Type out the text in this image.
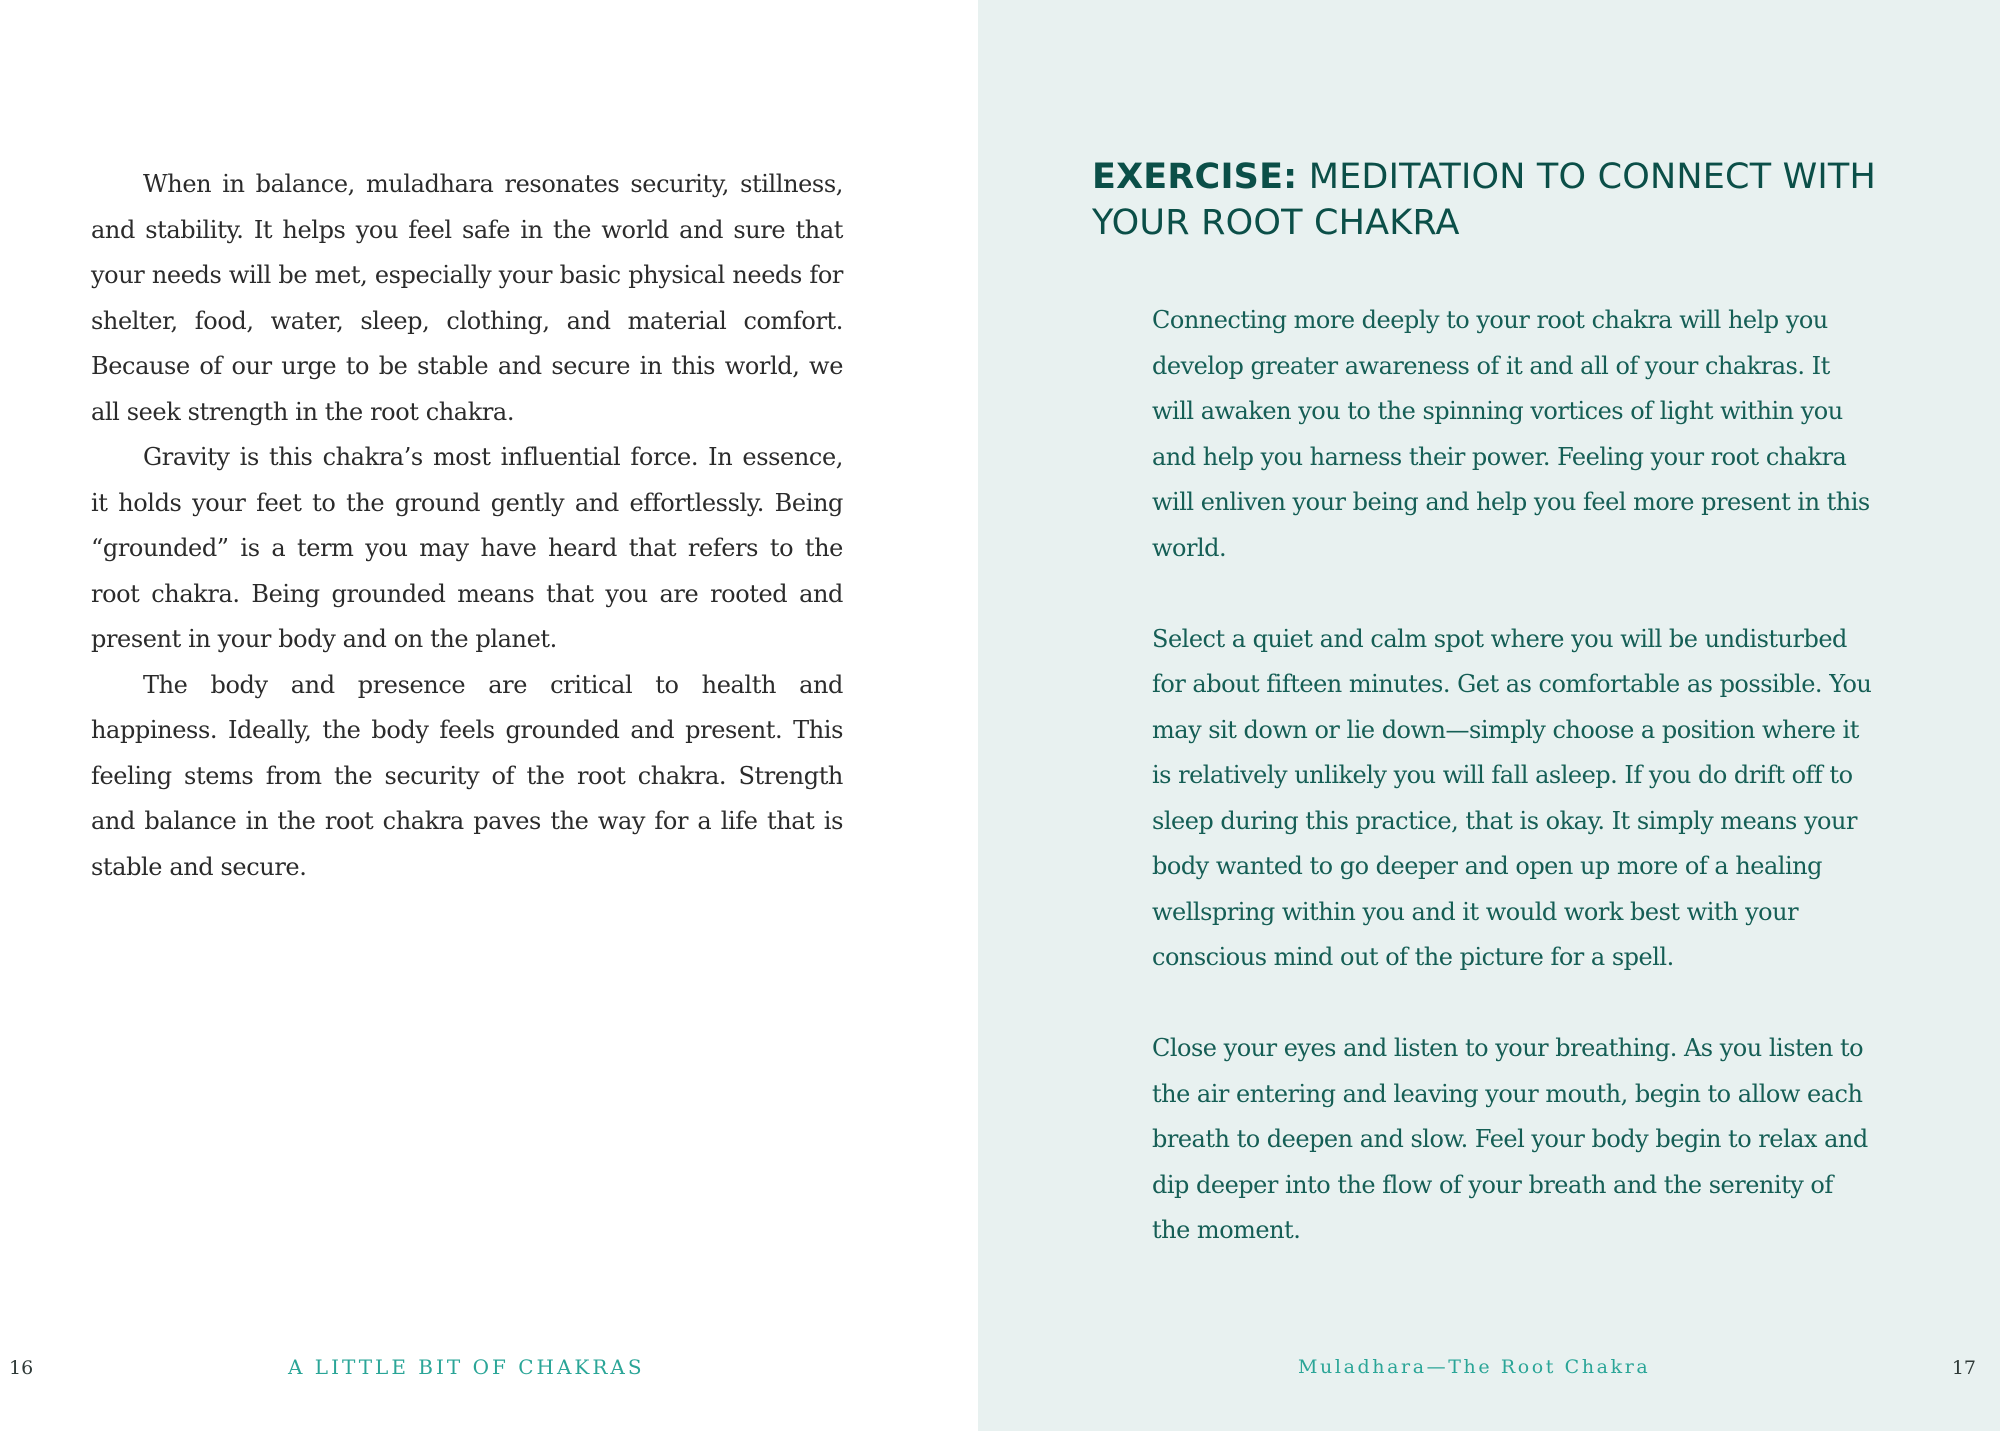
When in balance, muladhara resonates security, stillness, and stability. It helps you feel safe in the world and sure that your needs will be met, especially your basic physical needs for shelter, food, water, sleep, clothing, and material comfort. Because of our urge to be stable and secure in this world, we all seek strength in the root chakra.

Gravity is this chakra’s most influential force. In essence, it holds your feet to the ground gently and effortlessly. Being “grounded” is a term you may have heard that refers to the root chakra. Being grounded means that you are rooted and present in your body and on the planet.

The body and presence are critical to health and happiness. Ideally, the body feels grounded and present. This feeling stems from the security of the root chakra. Strength and balance in the root chakra paves the way for a life that is stable and secure.

16	A LITTLE BIT OF CHAKRAS
EXERCISE: MEDITATION TO CONNECT WITH YOUR ROOT CHAKRA

Connecting more deeply to your root chakra will help you develop greater awareness of it and all of your chakras. It will awaken you to the spinning vortices of light within you and help you harness their power. Feeling your root chakra will enliven your being and help you feel more present in this world.

Select a quiet and calm spot where you will be undisturbed for about fifteen minutes. Get as comfortable as possible. You may sit down or lie down—simply choose a position where it is relatively unlikely you will fall asleep. If you do drift off to sleep during this practice, that is okay. It simply means your body wanted to go deeper and open up more of a healing wellspring within you and it would work best with your conscious mind out of the picture for a spell.

Close your eyes and listen to your breathing. As you listen to the air entering and leaving your mouth, begin to allow each breath to deepen and slow. Feel your body begin to relax and dip deeper into the flow of your breath and the serenity of the moment.

Muladhara—The Root Chakra	17
